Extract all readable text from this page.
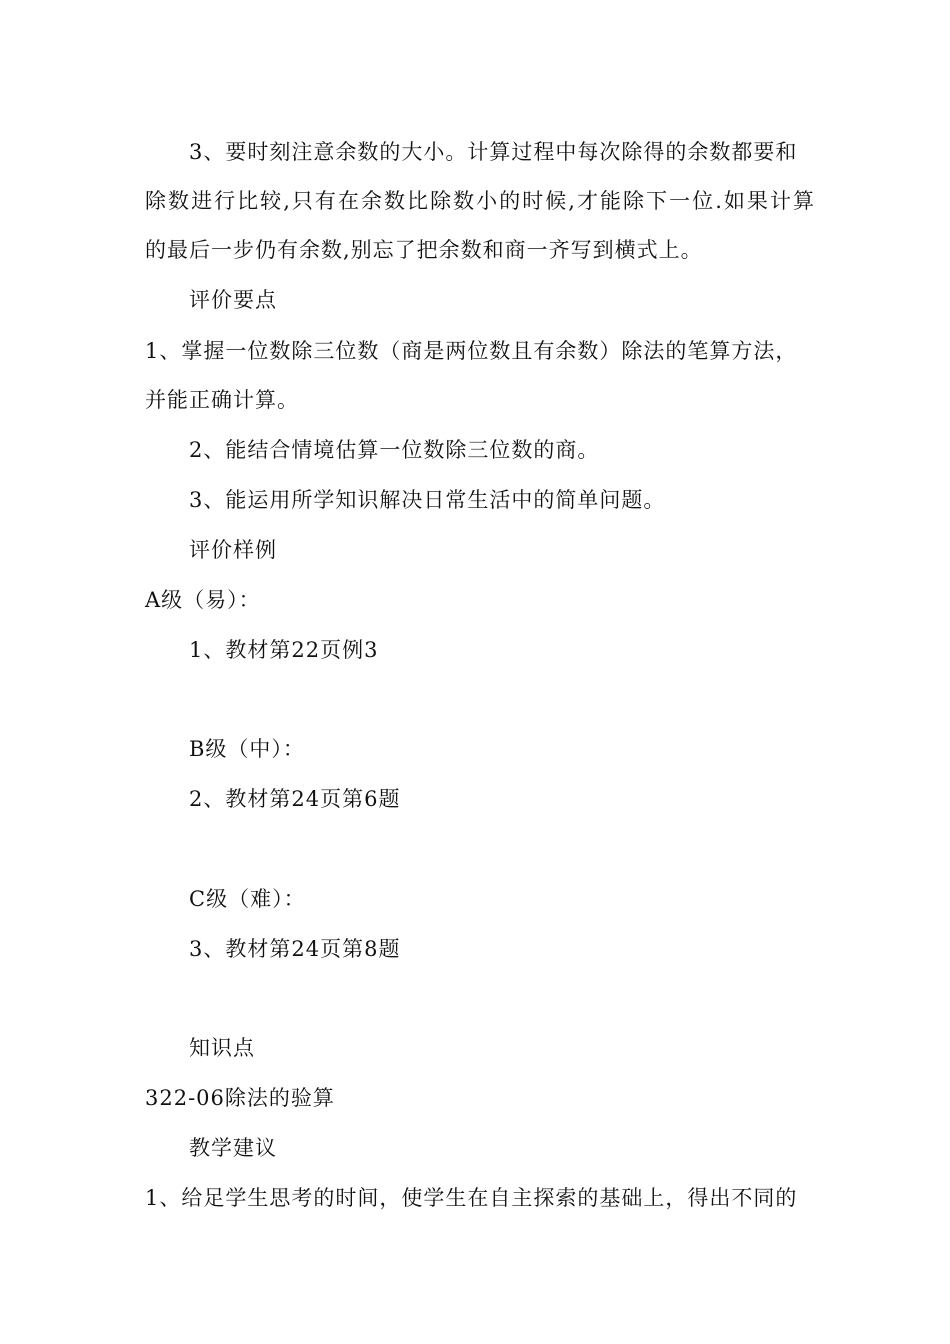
3、要时刻注意余数的大小。计算过程中每次除得的余数都要和
除数进行比较,只有在余数比除数小的时候,才能除下一位.如果计算
的最后一步仍有余数,别忘了把余数和商一齐写到横式上。
评价要点
1、掌握一位数除三位数（商是两位数且有余数）除法的笔算方法，
并能正确计算。
2、能结合情境估算一位数除三位数的商。
3、能运用所学知识解决日常生活中的简单问题。
评价样例
A级（易）：
1、教材第22页例3
B级（中）：
2、教材第24页第6题
C级（难）：
3、教材第24页第8题
知识点
322-06除法的验算
教学建议
1、给足学生思考的时间，使学生在自主探索的基础上，得出不同的
